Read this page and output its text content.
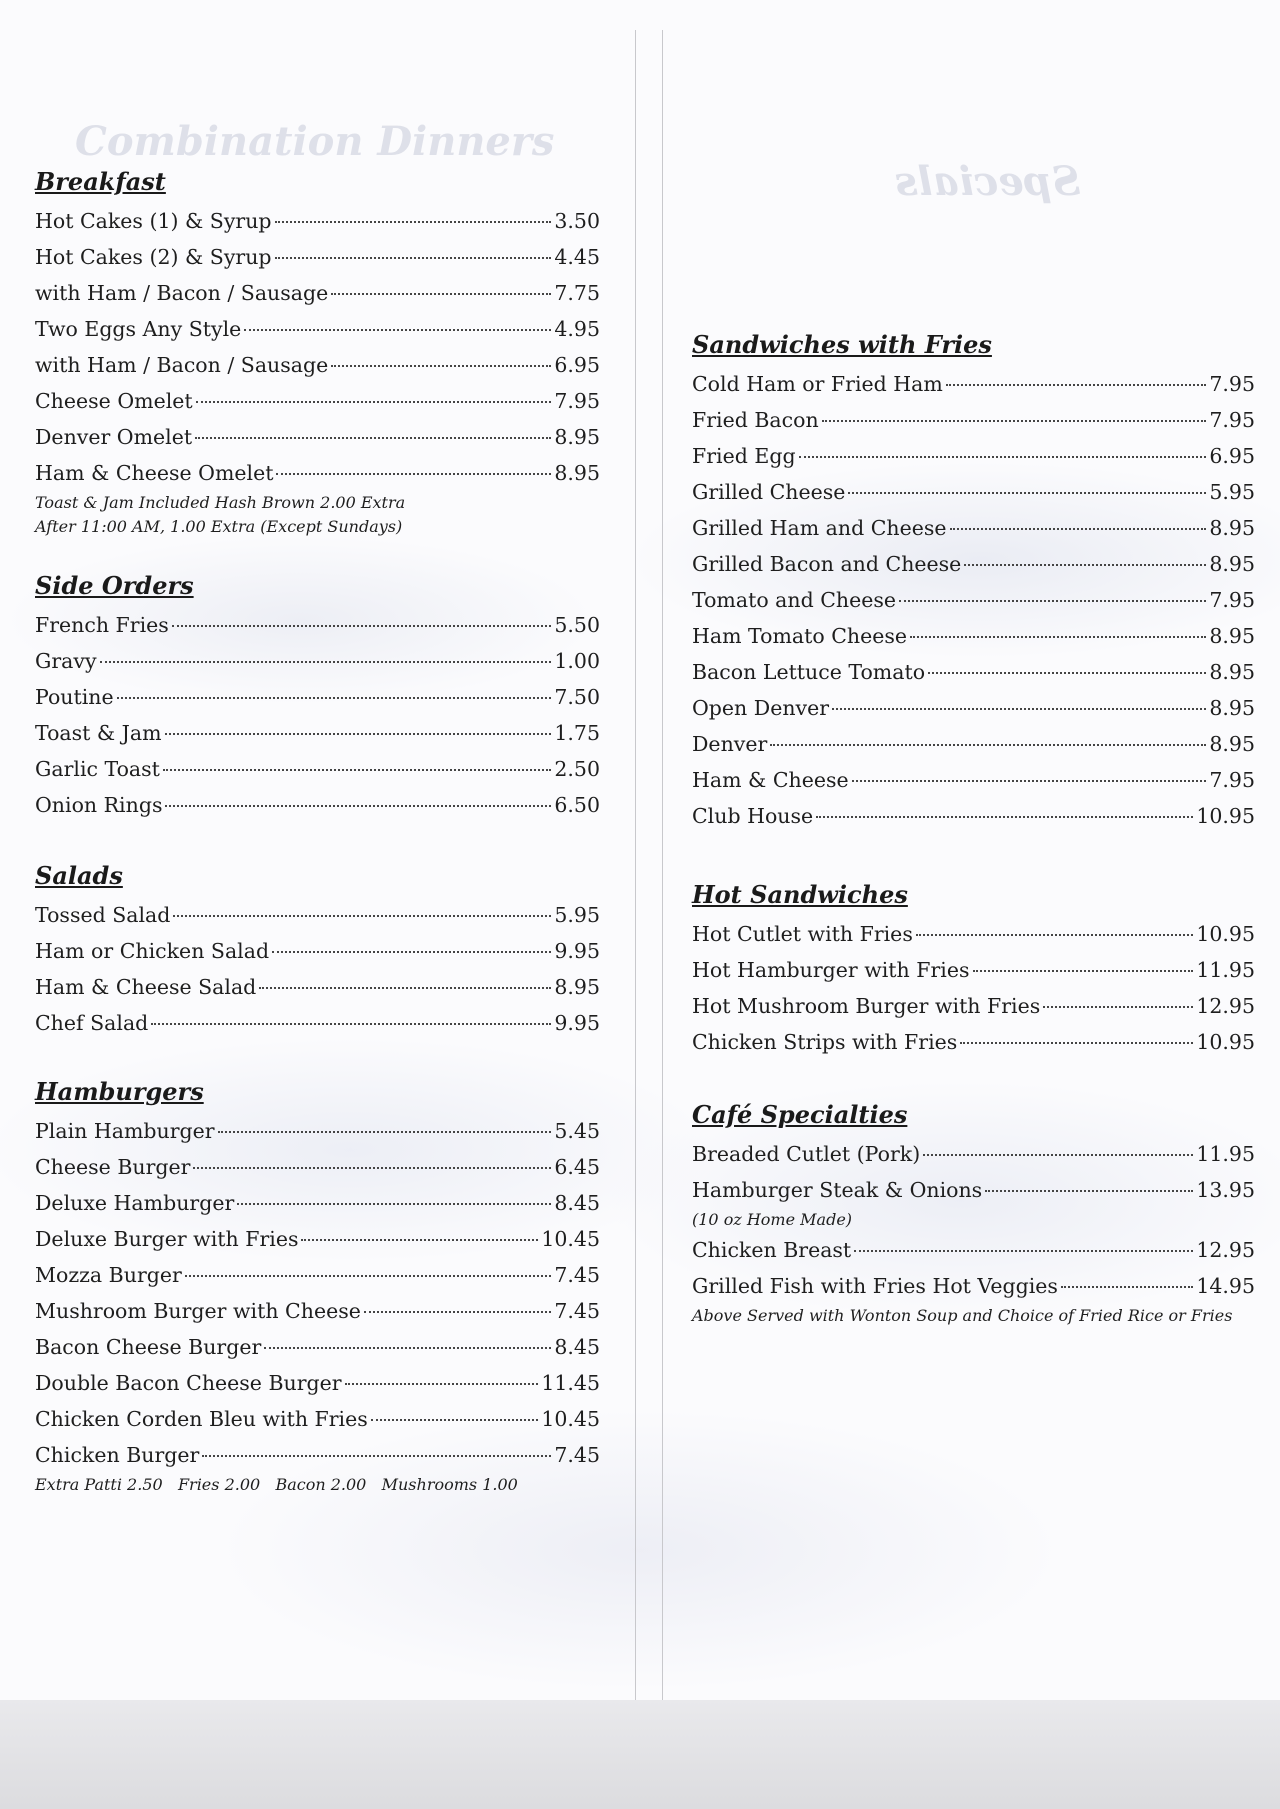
Combination Dinners
Specials
Breakfast
Hot Cakes (1) & Syrup	3.50
Hot Cakes (2) & Syrup	4.45
with Ham / Bacon / Sausage	7.75
Two Eggs Any Style	4.95
with Ham / Bacon / Sausage	6.95
Cheese Omelet	7.95
Denver Omelet	8.95
Ham & Cheese Omelet	8.95
Toast & Jam Included Hash Brown 2.00 Extra
After 11:00 AM, 1.00 Extra (Except Sundays)
Side Orders
French Fries	5.50
Gravy	1.00
Poutine	7.50
Toast & Jam	1.75
Garlic Toast	2.50
Onion Rings	6.50
Salads
Tossed Salad	5.95
Ham or Chicken Salad	9.95
Ham & Cheese Salad	8.95
Chef Salad	9.95
Hamburgers
Plain Hamburger	5.45
Cheese Burger	6.45
Deluxe Hamburger	8.45
Deluxe Burger with Fries	10.45
Mozza Burger	7.45
Mushroom Burger with Cheese	7.45
Bacon Cheese Burger	8.45
Double Bacon Cheese Burger	11.45
Chicken Corden Bleu with Fries	10.45
Chicken Burger	7.45
Extra Patti 2.50   Fries 2.00   Bacon 2.00   Mushrooms 1.00
Sandwiches with Fries
Cold Ham or Fried Ham	7.95
Fried Bacon	7.95
Fried Egg	6.95
Grilled Cheese	5.95
Grilled Ham and Cheese	8.95
Grilled Bacon and Cheese	8.95
Tomato and Cheese	7.95
Ham Tomato Cheese	8.95
Bacon Lettuce Tomato	8.95
Open Denver	8.95
Denver	8.95
Ham & Cheese	7.95
Club House	10.95
Hot Sandwiches
Hot Cutlet with Fries	10.95
Hot Hamburger with Fries	11.95
Hot Mushroom Burger with Fries	12.95
Chicken Strips with Fries	10.95
Café Specialties
Breaded Cutlet (Pork)	11.95
Hamburger Steak & Onions	13.95
(10 oz Home Made)
Chicken Breast	12.95
Grilled Fish with Fries Hot Veggies	14.95
Above Served with Wonton Soup and Choice of Fried Rice or Fries
